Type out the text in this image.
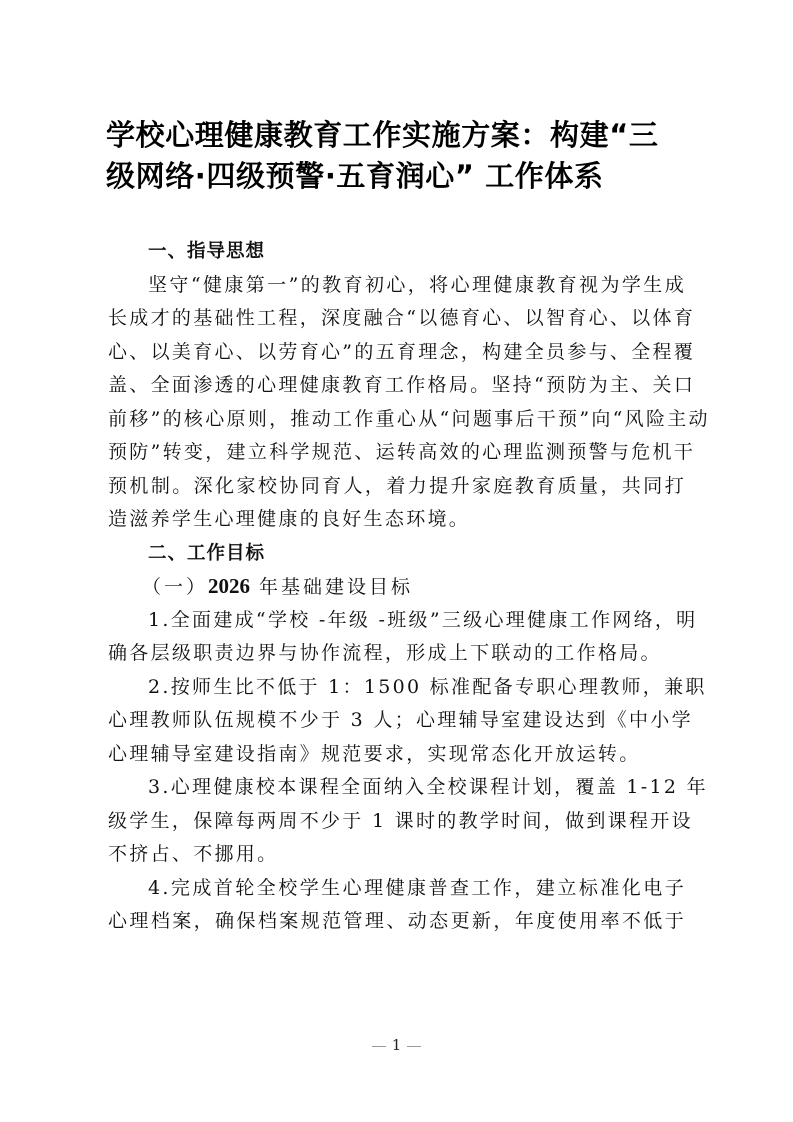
学校心理健康教育工作实施方案：构建“三
级网络·四级预警·五育润心” 工作体系
一、指导思想
坚守“健康第一”的教育初心，将心理健康教育视为学生成
长成才的基础性工程，深度融合“以德育心、以智育心、以体育
心、以美育心、以劳育心”的五育理念，构建全员参与、全程覆
盖、全面渗透的心理健康教育工作格局。坚持“预防为主、关口
前移”的核心原则，推动工作重心从“问题事后干预”向“风险主动
预防”转变，建立科学规范、运转高效的心理监测预警与危机干
预机制。深化家校协同育人，着力提升家庭教育质量，共同打
造滋养学生心理健康的良好生态环境。
二、工作目标
（一）2026 年基础建设目标
1.全面建成“学校 -年级 -班级”三级心理健康工作网络，明
确各层级职责边界与协作流程，形成上下联动的工作格局。
2.按师生比不低于 1：1500 标准配备专职心理教师，兼职
心理教师队伍规模不少于 3 人；心理辅导室建设达到《中小学
心理辅导室建设指南》规范要求，实现常态化开放运转。
3.心理健康校本课程全面纳入全校课程计划，覆盖 1-12 年
级学生，保障每两周不少于 1 课时的教学时间，做到课程开设
不挤占、不挪用。
4.完成首轮全校学生心理健康普查工作，建立标准化电子
心理档案，确保档案规范管理、动态更新，年度使用率不低于
1
